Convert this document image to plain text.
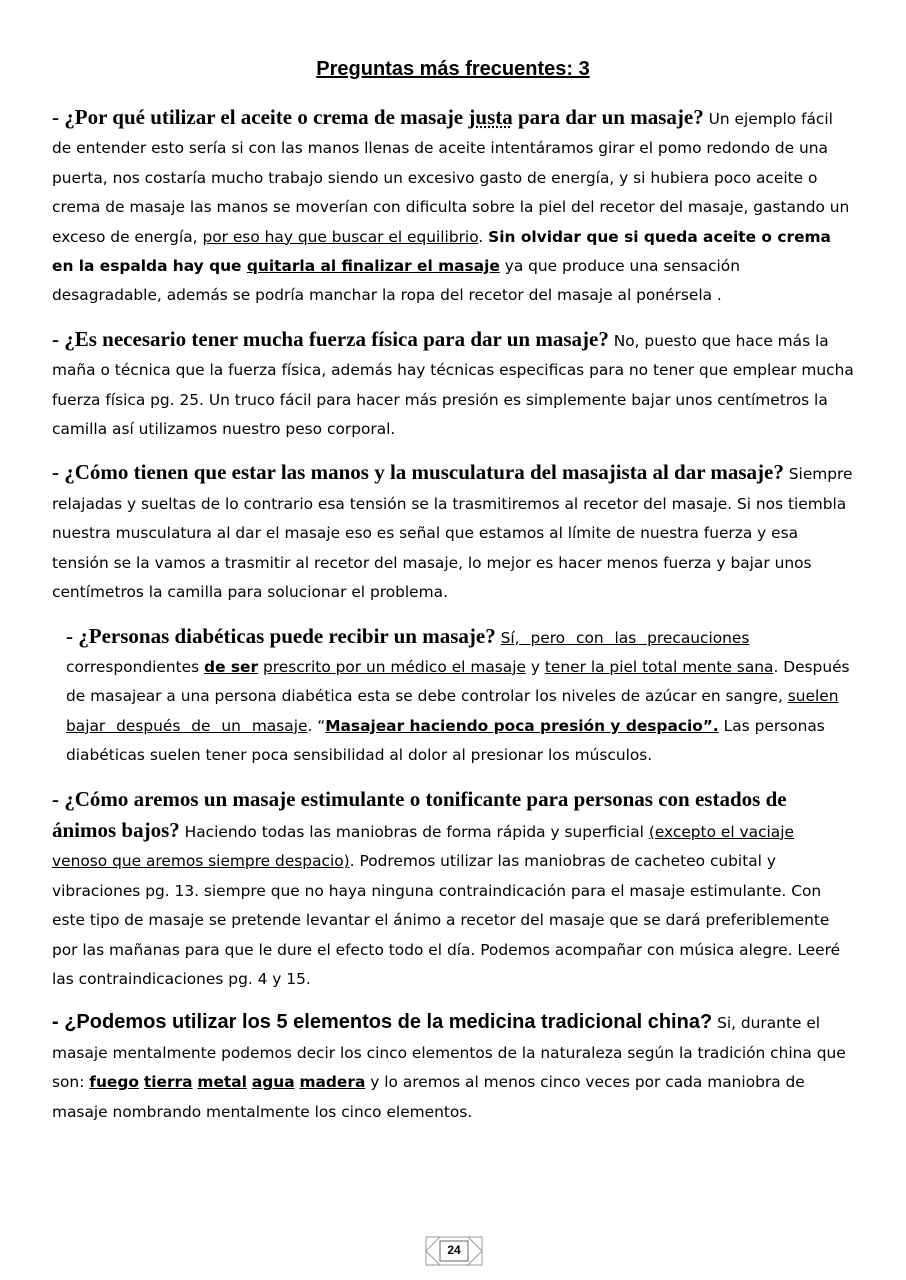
Preguntas más frecuentes: 3

- ¿Por qué utilizar el aceite o crema de masaje justa para dar un masaje? Un ejemplo fácil de entender esto sería si con las manos llenas de aceite intentáramos girar el pomo redondo de una puerta, nos costaría mucho trabajo siendo un excesivo gasto de energía, y si hubiera poco aceite o crema de masaje las manos se moverían con dificulta sobre la piel del recetor del masaje, gastando un exceso de energía, por eso hay que buscar el equilibrio. Sin olvidar que si queda aceite o crema en la espalda hay que quitarla al finalizar el masaje ya que produce una sensación desagradable, además se podría manchar la ropa del recetor del masaje al ponérsela .

- ¿Es necesario tener mucha fuerza física para dar un masaje? No, puesto que hace más la maña o técnica que la fuerza física, además hay técnicas especificas para no tener que emplear mucha fuerza física pg. 25. Un truco fácil para hacer más presión es simplemente bajar unos centímetros la camilla así utilizamos nuestro peso corporal.

- ¿Cómo tienen que estar las manos y la musculatura del masajista al dar masaje? Siempre relajadas y sueltas de lo contrario esa tensión se la trasmitiremos al recetor del masaje. Si nos tiembla nuestra musculatura al dar el masaje eso es señal que estamos al límite de nuestra fuerza y esa tensión se la vamos a trasmitir al recetor del masaje, lo mejor es hacer menos fuerza y bajar unos centímetros la camilla para solucionar el problema.

- ¿Personas diabéticas puede recibir un masaje? Sí, pero con las precauciones correspondientes de ser prescrito por un médico el masaje y tener la piel total mente sana. Después de masajear a una persona diabética esta se debe controlar los niveles de azúcar en sangre, suelen bajar después de un masaje. “Masajear haciendo poca presión y despacio”. Las personas diabéticas suelen tener poca sensibilidad al dolor al presionar los músculos.

- ¿Cómo aremos un masaje estimulante o tonificante para personas con estados de ánimos bajos? Haciendo todas las maniobras de forma rápida y superficial (excepto el vaciaje venoso que aremos siempre despacio). Podremos utilizar las maniobras de cacheteo cubital y vibraciones pg. 13. siempre que no haya ninguna contraindicación para el masaje estimulante. Con este tipo de masaje se pretende levantar el ánimo a recetor del masaje que se dará preferiblemente por las mañanas para que le dure el efecto todo el día. Podemos acompañar con música alegre. Leeré las contraindicaciones pg. 4 y 15.

- ¿Podemos utilizar los 5 elementos de la medicina tradicional china? Si, durante el masaje mentalmente podemos decir los cinco elementos de la naturaleza según la tradición china que son: fuego tierra metal agua madera y lo aremos al menos cinco veces por cada maniobra de masaje nombrando mentalmente los cinco elementos.

24
